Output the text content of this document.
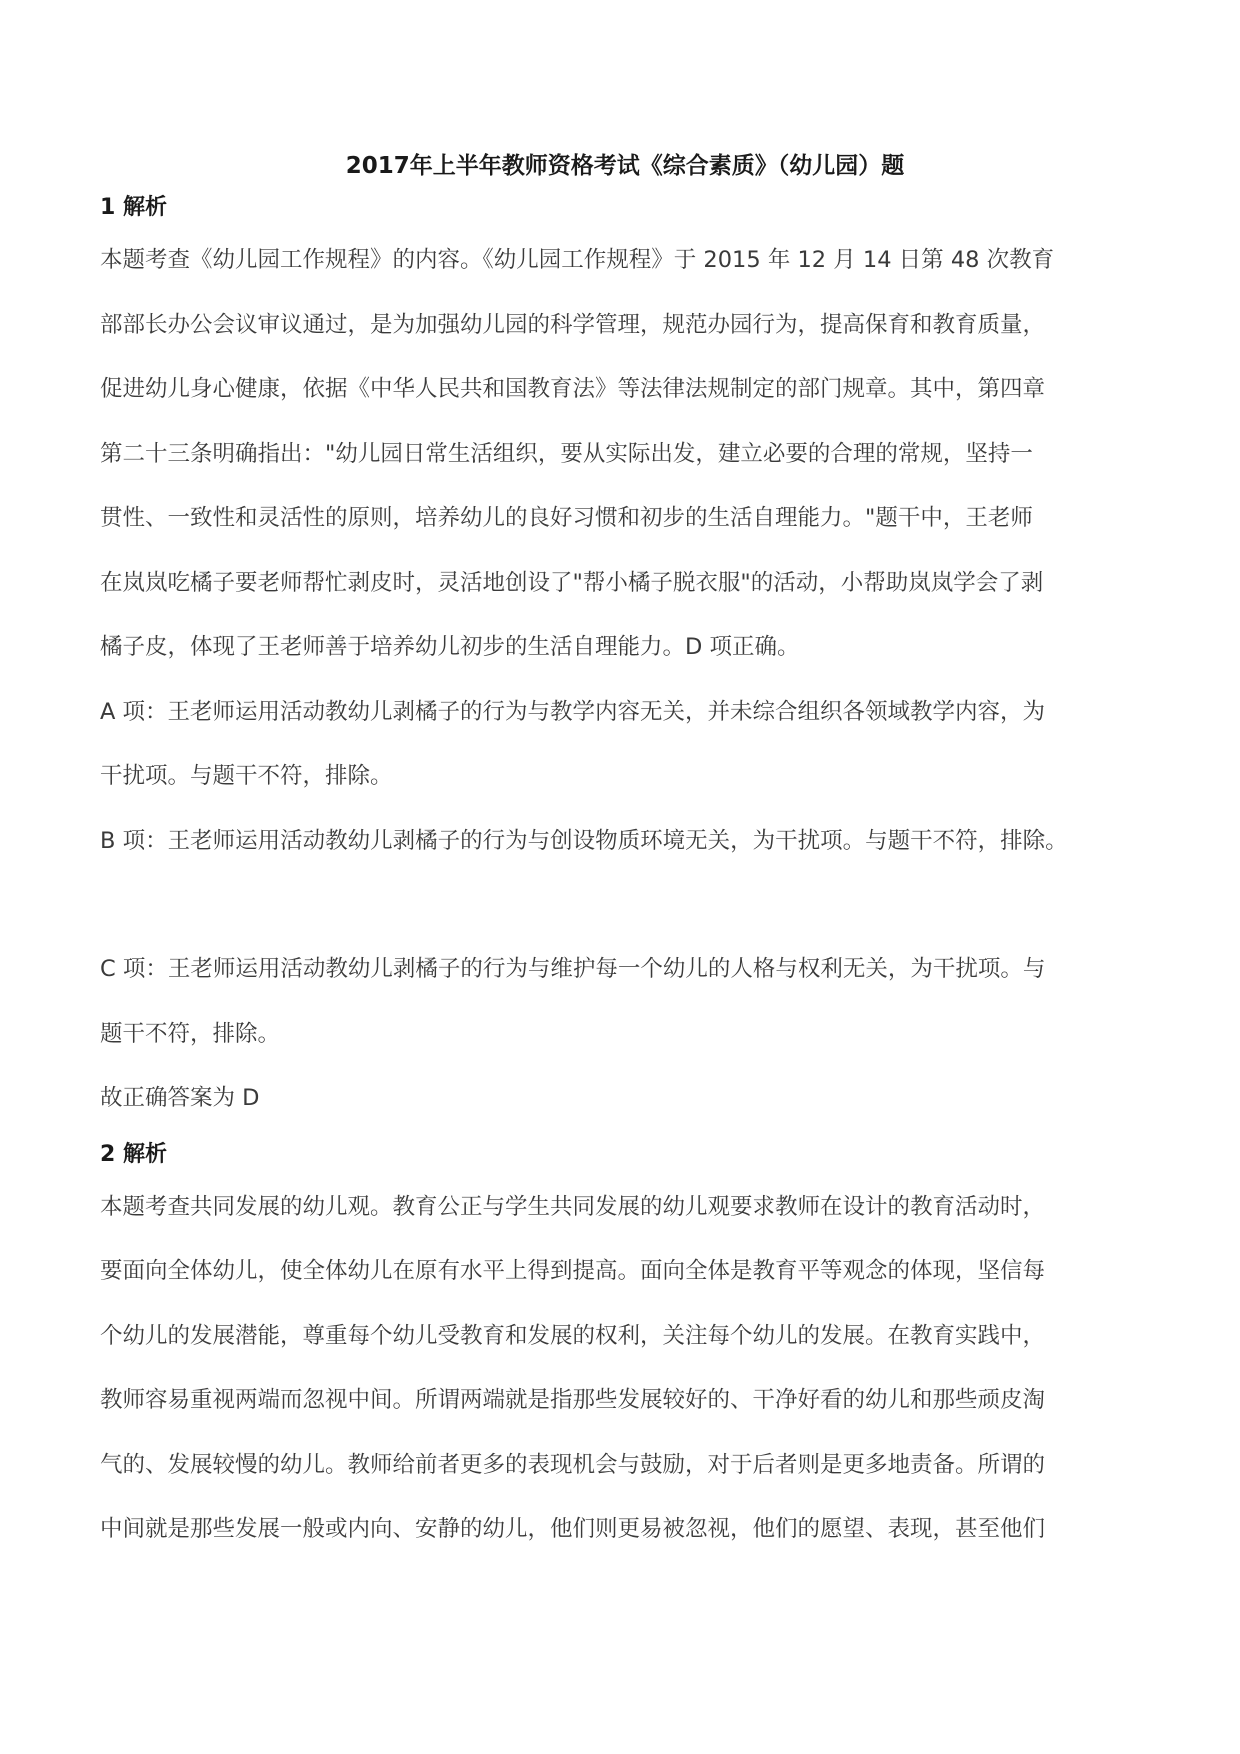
2017年上半年教师资格考试《综合素质》（幼儿园）题
1 解析

本题考查《幼儿园工作规程》的内容。《幼儿园工作规程》于 2015 年 12 月 14 日第 48 次教育
部部长办公会议审议通过，是为加强幼儿园的科学管理，规范办园行为，提高保育和教育质量，
促进幼儿身心健康，依据《中华人民共和国教育法》等法律法规制定的部门规章。其中，第四章
第二十三条明确指出："幼儿园日常生活组织，要从实际出发，建立必要的合理的常规，坚持一
贯性、一致性和灵活性的原则，培养幼儿的良好习惯和初步的生活自理能力。"题干中，王老师
在岚岚吃橘子要老师帮忙剥皮时，灵活地创设了"帮小橘子脱衣服"的活动，小帮助岚岚学会了剥
橘子皮，体现了王老师善于培养幼儿初步的生活自理能力。D 项正确。

A 项：王老师运用活动教幼儿剥橘子的行为与教学内容无关，并未综合组织各领域教学内容，为
干扰项。与题干不符，排除。

B 项：王老师运用活动教幼儿剥橘子的行为与创设物质环境无关，为干扰项。与题干不符，排除。

C 项：王老师运用活动教幼儿剥橘子的行为与维护每一个幼儿的人格与权利无关，为干扰项。与
题干不符，排除。

故正确答案为 D

2 解析

本题考查共同发展的幼儿观。教育公正与学生共同发展的幼儿观要求教师在设计的教育活动时，
要面向全体幼儿，使全体幼儿在原有水平上得到提高。面向全体是教育平等观念的体现，坚信每
个幼儿的发展潜能，尊重每个幼儿受教育和发展的权利，关注每个幼儿的发展。在教育实践中，
教师容易重视两端而忽视中间。所谓两端就是指那些发展较好的、干净好看的幼儿和那些顽皮淘
气的、发展较慢的幼儿。教师给前者更多的表现机会与鼓励，对于后者则是更多地责备。所谓的
中间就是那些发展一般或内向、安静的幼儿，他们则更易被忽视，他们的愿望、表现，甚至他们
